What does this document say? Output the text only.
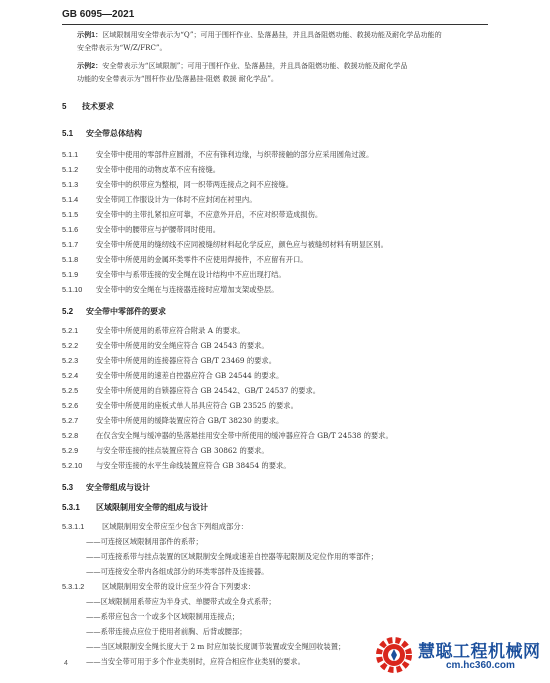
GB 6095—2021
示例1：区域限制用安全带表示为“Q”；可用于围杆作业、坠落悬挂，并且具备阻燃功能、救援功能及耐化学品功能的
安全带表示为“W/Z/FRC”。
示例2：安全带表示为“区域限制”；可用于围杆作业、坠落悬挂，并且具备阻燃功能、救援功能及耐化学品
功能的安全带表示为“围杆作业/坠落悬挂-阻燃 救援 耐化学品”。
5 技术要求
5.1 安全带总体结构
5.1.1 安全带中使用的零部件应圆滑，不应有锋利边缘，与织带接触的部分应采用圆角过渡。
5.1.2 安全带中使用的动物皮革不应有接缝。
5.1.3 安全带中的织带应为整根，同一织带两连接点之间不应接缝。
5.1.4 安全带同工作服设计为一体时不应封闭在衬里内。
5.1.5 安全带中的主带扎紧扣应可靠，不应意外开启，不应对织带造成损伤。
5.1.6 安全带中的腰带应与护腰带同时使用。
5.1.7 安全带中所使用的缝纫线不应同被缝纫材料起化学反应，颜色应与被缝纫材料有明显区别。
5.1.8 安全带中所使用的金属环类零件不应使用焊接件，不应留有开口。
5.1.9 安全带中与系带连接的安全绳在设计结构中不应出现打结。
5.1.10 安全带中的安全绳在与连接器连接时应增加支架或垫层。
5.2 安全带中零部件的要求
5.2.1 安全带中所使用的系带应符合附录 A 的要求。
5.2.2 安全带中所使用的安全绳应符合 GB 24543 的要求。
5.2.3 安全带中所使用的连接器应符合 GB/T 23469 的要求。
5.2.4 安全带中所使用的速差自控器应符合 GB 24544 的要求。
5.2.5 安全带中所使用的自锁器应符合 GB 24542、GB/T 24537 的要求。
5.2.6 安全带中所使用的座板式单人吊具应符合 GB 23525 的要求。
5.2.7 安全带中所使用的缓降装置应符合 GB/T 38230 的要求。
5.2.8 在仅含安全绳与缓冲器的坠落悬挂用安全带中所使用的缓冲器应符合 GB/T 24538 的要求。
5.2.9 与安全带连接的挂点装置应符合 GB 30862 的要求。
5.2.10 与安全带连接的水平生命线装置应符合 GB 38454 的要求。
5.3 安全带组成与设计
5.3.1 区域限制用安全带的组成与设计
5.3.1.1 区域限制用安全带应至少包含下列组成部分：
——可连接区域限制用部件的系带；
——可连接系带与挂点装置的区域限制安全绳或速差自控器等起限制及定位作用的零部件；
——可连接安全带内各组成部分的环类零部件及连接器。
5.3.1.2 区域限制用安全带的设计应至少符合下列要求：
——区域限制用系带应为半身式、单腰带式或全身式系带；
——系带应包含一个或多个区域限制用连接点；
——系带连接点应位于使用者前胸、后背或腰部；
——当区域限制安全绳长度大于 2 m 时应加装长度调节装置或安全绳回收装置；
——当安全带可用于多个作业类别时，应符合相应作业类别的要求。
4
慧聪工程机械网
cm.hc360.com
